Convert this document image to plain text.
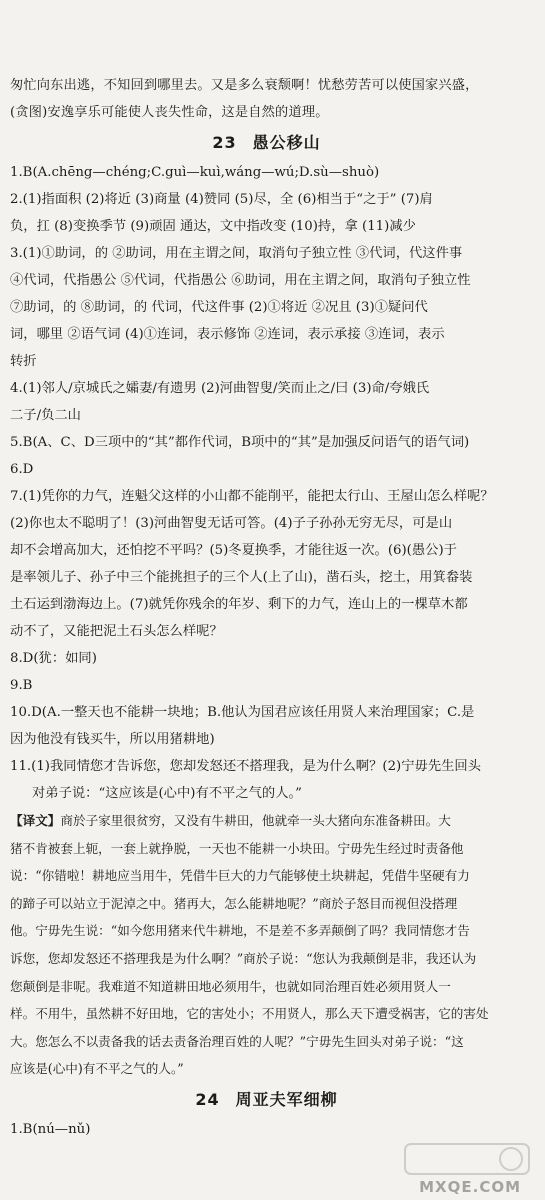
匆忙向东出逃，不知回到哪里去。又是多么衰颓啊！忧愁劳苦可以使国家兴盛，

(贪图)安逸享乐可能使人丧失性命，这是自然的道理。

23 愚公移山

1.B(A.chēng—chéng;C.guì—kuì,wáng—wú;D.sù—shuò)

2.(1)指面积 (2)将近 (3)商量 (4)赞同 (5)尽，全 (6)相当于“之于” (7)肩

负，扛 (8)变换季节 (9)顽固 通达，文中指改变 (10)持，拿 (11)减少

3.(1)①助词，的 ②助词，用在主谓之间，取消句子独立性 ③代词，代这件事

④代词，代指愚公 ⑤代词，代指愚公 ⑥助词，用在主谓之间，取消句子独立性

⑦助词，的 ⑧助词，的 代词，代这件事 (2)①将近 ②况且 (3)①疑问代

词，哪里 ②语气词 (4)①连词，表示修饰 ②连词，表示承接 ③连词，表示

转折

4.(1)邻人/京城氏之孀妻/有遗男 (2)河曲智叟/笑而止之/曰 (3)命/夸娥氏

二子/负二山

5.B(A、C、D三项中的“其”都作代词，B项中的“其”是加强反问语气的语气词)

6.D

7.(1)凭你的力气，连魁父这样的小山都不能削平，能把太行山、王屋山怎么样呢？

(2)你也太不聪明了！(3)河曲智叟无话可答。(4)子子孙孙无穷无尽，可是山

却不会增高加大，还怕挖不平吗？(5)冬夏换季，才能往返一次。(6)(愚公)于

是率领儿子、孙子中三个能挑担子的三个人(上了山)，凿石头，挖土，用箕畚装

土石运到渤海边上。(7)就凭你残余的年岁、剩下的力气，连山上的一棵草木都

动不了，又能把泥土石头怎么样呢？

8.D(犹：如同)

9.B

10.D(A.一整天也不能耕一块地；B.他认为国君应该任用贤人来治理国家；C.是

因为他没有钱买牛，所以用猪耕地)

11.(1)我同情您才告诉您，您却发怒还不搭理我，是为什么啊？(2)宁毋先生回头

对弟子说：“这应该是(心中)有不平之气的人。”

【译文】商於子家里很贫穷，又没有牛耕田，他就牵一头大猪向东准备耕田。大

猪不肯被套上轭，一套上就挣脱，一天也不能耕一小块田。宁毋先生经过时责备他

说：“你错啦！耕地应当用牛，凭借牛巨大的力气能够使土块耕起，凭借牛坚硬有力

的蹄子可以站立于泥淖之中。猪再大，怎么能耕地呢？”商於子怒目而视但没搭理

他。宁毋先生说：“如今您用猪来代牛耕地，不是差不多弄颠倒了吗？我同情您才告

诉您，您却发怒还不搭理我是为什么啊？”商於子说：“您认为我颠倒是非，我还认为

您颠倒是非呢。我难道不知道耕田地必须用牛，也就如同治理百姓必须用贤人一

样。不用牛，虽然耕不好田地，它的害处小；不用贤人，那么天下遭受祸害，它的害处

大。您怎么不以责备我的话去责备治理百姓的人呢？”宁毋先生回头对弟子说：“这

应该是(心中)有不平之气的人。”

24 周亚夫军细柳

1.B(nú—nǔ)

MXQE.COM
